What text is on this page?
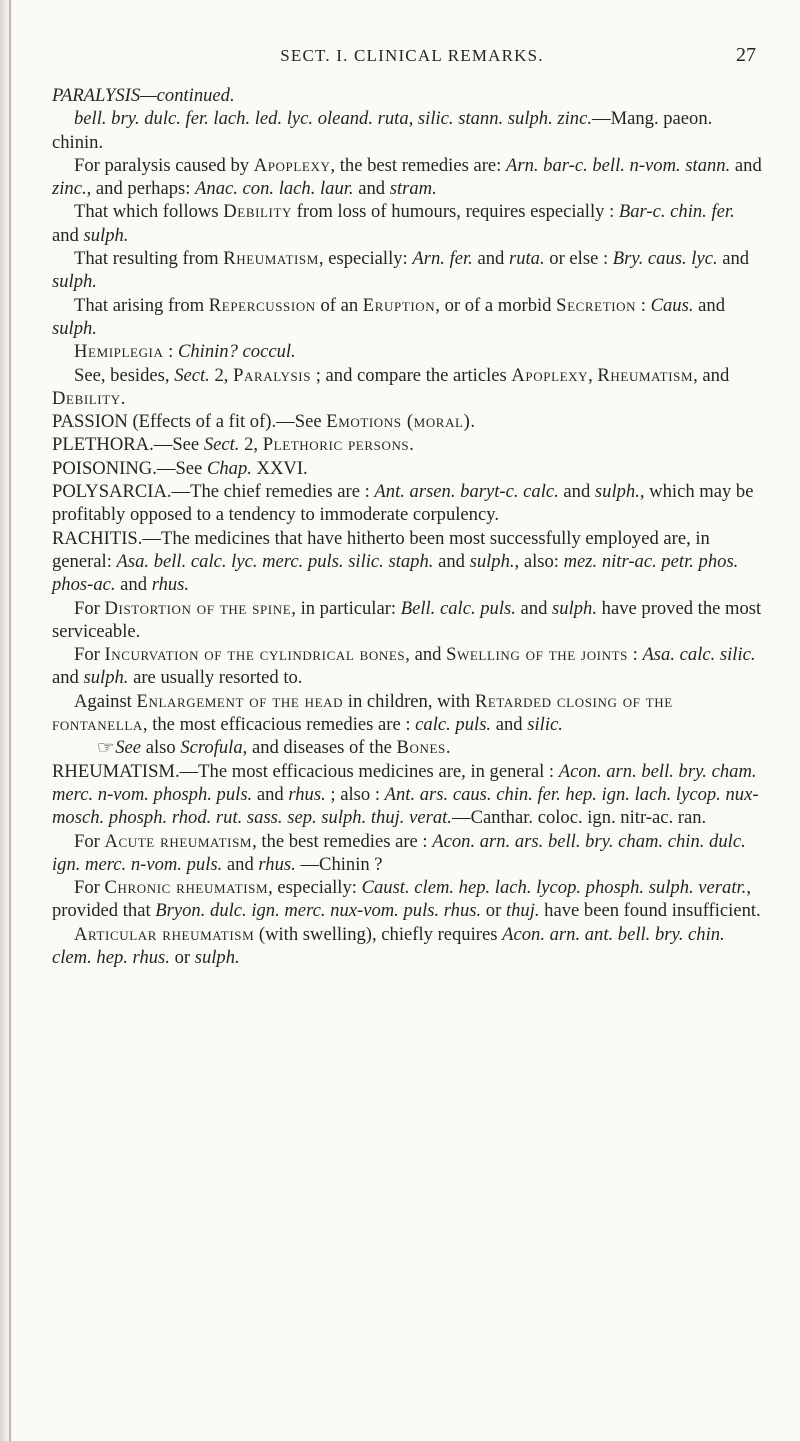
SECT. I. CLINICAL REMARKS.	27

PARALYSIS—continued.

bell. bry. dulc. fer. lach. led. lyc. oleand. ruta, silic. stann. sulph. zinc.—Mang. paeon. chinin.

For paralysis caused by Apoplexy, the best remedies are: Arn. bar-c. bell. n-vom. stann. and zinc., and perhaps: Anac. con. lach. laur. and stram.

That which follows Debility from loss of humours, requires especially : Bar-c. chin. fer. and sulph.

That resulting from Rheumatism, especially: Arn. fer. and ruta. or else : Bry. caus. lyc. and sulph.

That arising from Repercussion of an Eruption, or of a morbid Secretion : Caus. and sulph.

Hemiplegia : Chinin? coccul.

See, besides, Sect. 2, Paralysis ; and compare the articles Apoplexy, Rheumatism, and Debility.

PASSION (Effects of a fit of).—See Emotions (moral).

PLETHORA.—See Sect. 2, Plethoric persons.

POISONING.—See Chap. XXVI.

POLYSARCIA.—The chief remedies are : Ant. arsen. baryt-c. calc. and sulph., which may be profitably opposed to a tendency to immoderate corpulency.

RACHITIS.—The medicines that have hitherto been most successfully employed are, in general: Asa. bell. calc. lyc. merc. puls. silic. staph. and sulph., also: mez. nitr-ac. petr. phos. phos-ac. and rhus.

For Distortion of the spine, in particular: Bell. calc. puls. and sulph. have proved the most serviceable.

For Incurvation of the cylindrical bones, and Swelling of the joints : Asa. calc. silic. and sulph. are usually resorted to.

Against Enlargement of the head in children, with Retarded closing of the fontanella, the most efficacious remedies are : calc. puls. and silic.

☞See also Scrofula, and diseases of the Bones.

RHEUMATISM.—The most efficacious medicines are, in general : Acon. arn. bell. bry. cham. merc. n-vom. phosph. puls. and rhus. ; also : Ant. ars. caus. chin. fer. hep. ign. lach. lycop. nux-mosch. phosph. rhod. rut. sass. sep. sulph. thuj. verat.—Canthar. coloc. ign. nitr-ac. ran.

For Acute rheumatism, the best remedies are : Acon. arn. ars. bell. bry. cham. chin. dulc. ign. merc. n-vom. puls. and rhus. —Chinin ?

For Chronic rheumatism, especially: Caust. clem. hep. lach. lycop. phosph. sulph. veratr., provided that Bryon. dulc. ign. merc. nux-vom. puls. rhus. or thuj. have been found insufficient.

Articular rheumatism (with swelling), chiefly requires Acon. arn. ant. bell. bry. chin. clem. hep. rhus. or sulph.
